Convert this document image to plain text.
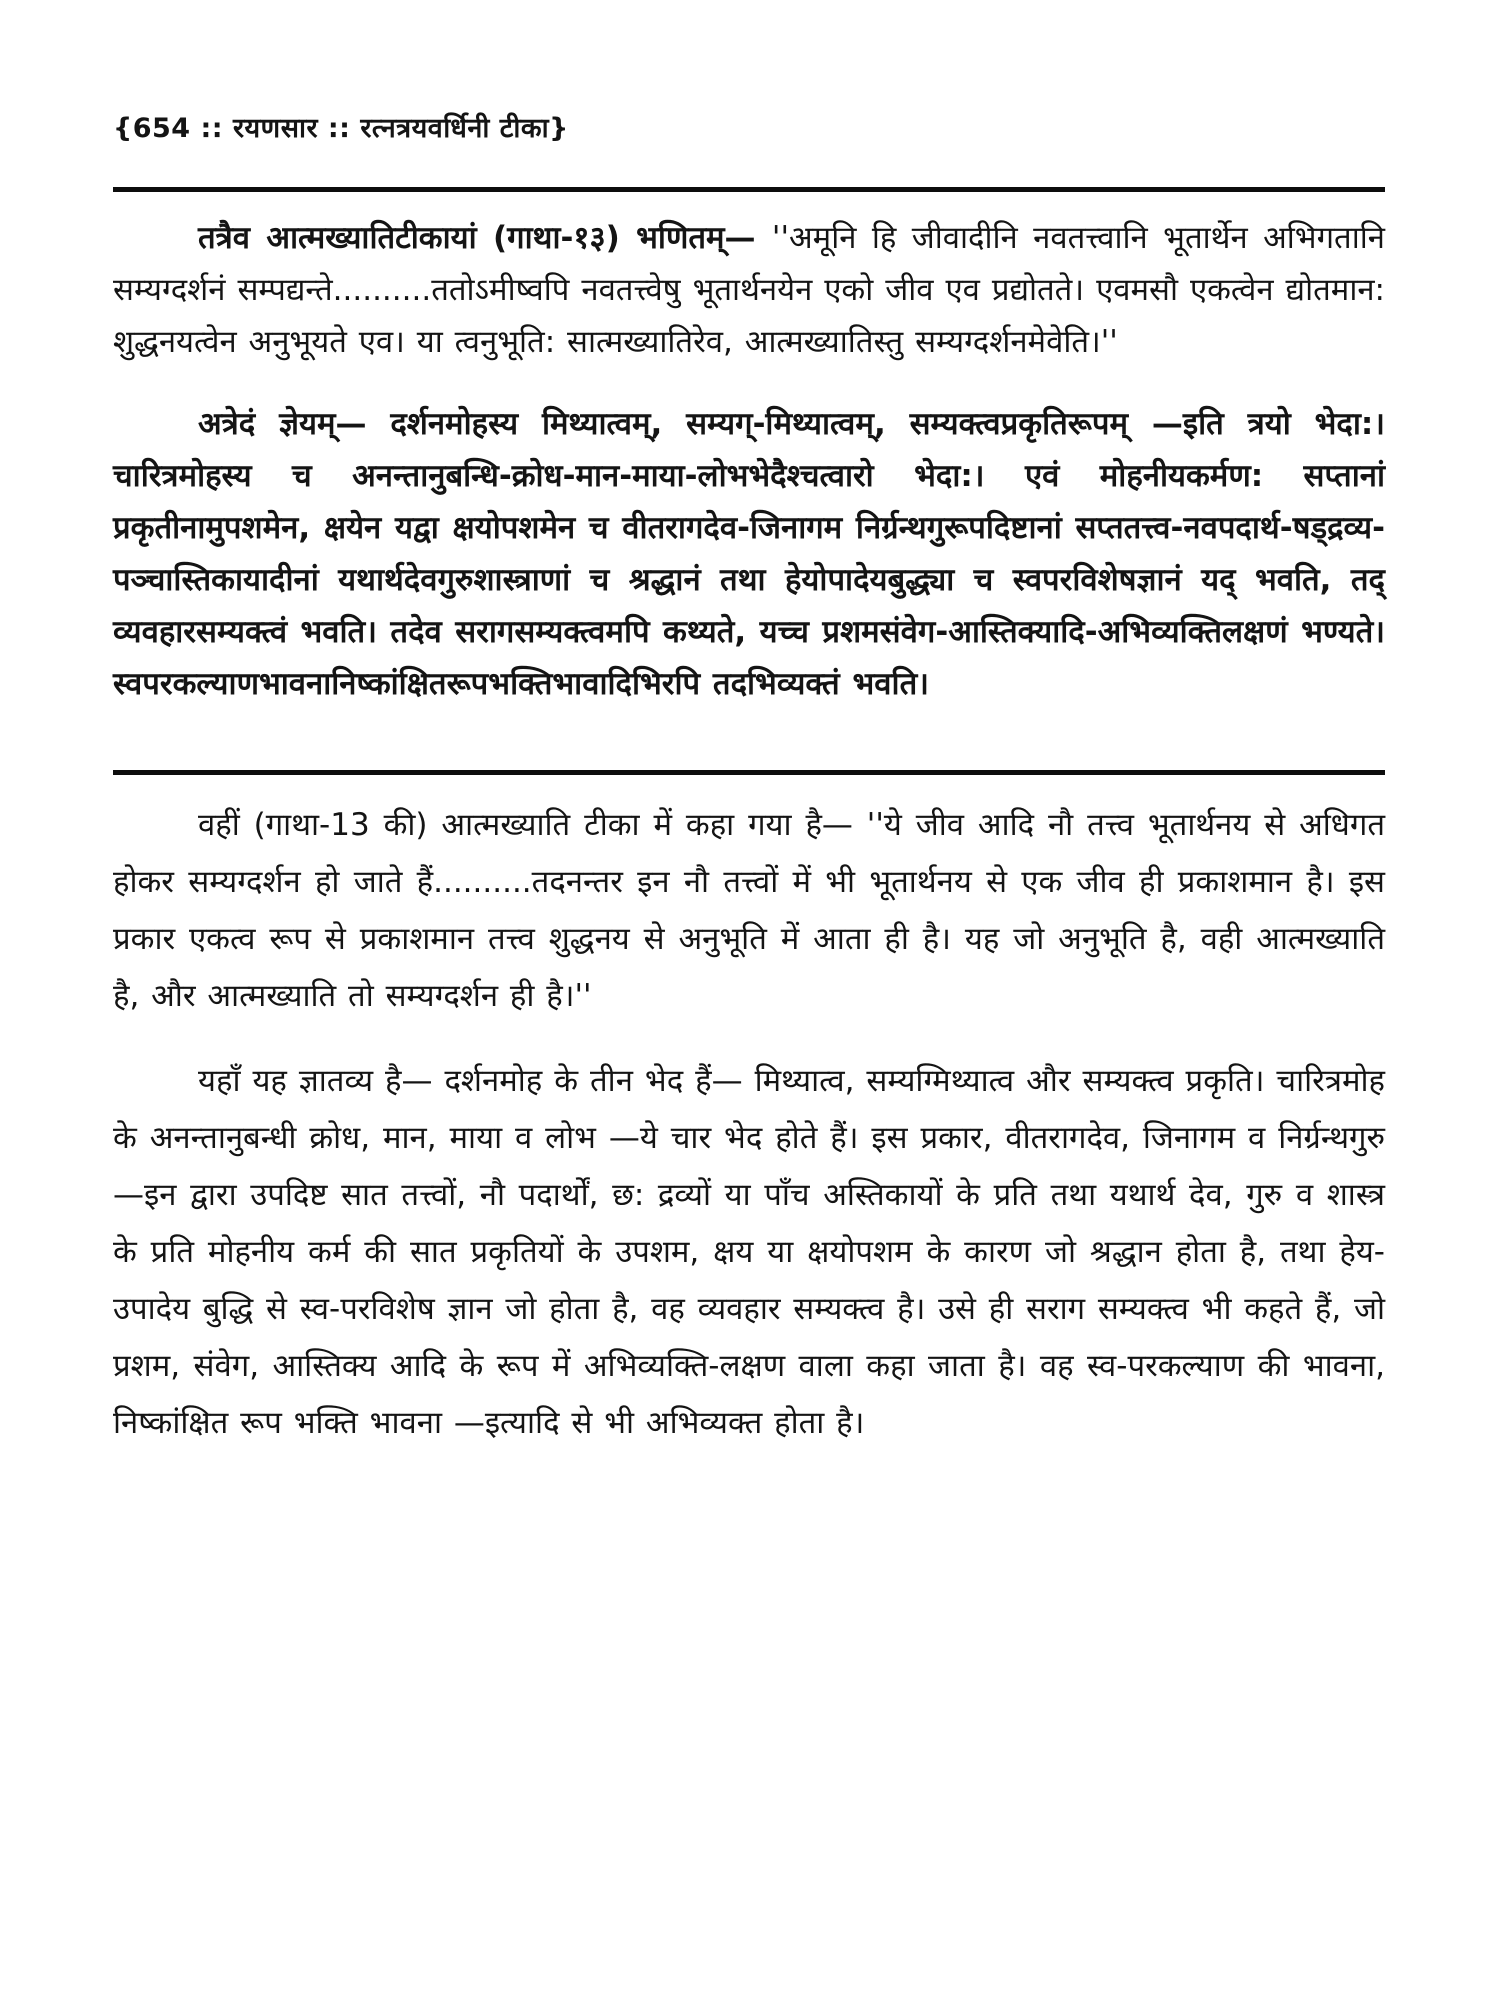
{654 :: रयणसार :: रत्नत्रयवर्धिनी टीका}

तत्रैव आत्मख्यातिटीकायां (गाथा-१३) भणितम्— ''अमूनि हि जीवादीनि नवतत्त्वानि भूतार्थेन अभिगतानि सम्यग्दर्शनं सम्पद्यन्ते..........ततोऽमीष्वपि नवतत्त्वेषु भूतार्थनयेन एको जीव एव प्रद्योतते। एवमसौ एकत्वेन द्योतमान: शुद्धनयत्वेन अनुभूयते एव। या त्वनुभूति: सात्मख्यातिरेव, आत्मख्यातिस्तु सम्यग्दर्शनमेवेति।''

अत्रेदं ज्ञेयम्— दर्शनमोहस्य मिथ्यात्वम्, सम्यग्-मिथ्यात्वम्, सम्यक्त्वप्रकृतिरूपम् —इति त्रयो भेदा:। चारित्रमोहस्य च अनन्तानुबन्धि-क्रोध-मान-माया-लोभभेदैश्चत्वारो भेदा:। एवं मोहनीयकर्मण: सप्तानां प्रकृतीनामुपशमेन, क्षयेन यद्वा क्षयोपशमेन च वीतरागदेव-जिनागम निर्ग्रन्थगुरूपदिष्टानां सप्ततत्त्व-नवपदार्थ-षड्द्रव्य-पञ्चास्तिकायादीनां यथार्थदेवगुरुशास्त्राणां च श्रद्धानं तथा हेयोपादेयबुद्ध्या च स्वपरविशेषज्ञानं यद् भवति, तद् व्यवहारसम्यक्त्वं भवति। तदेव सरागसम्यक्त्वमपि कथ्यते, यच्च प्रशमसंवेग-आस्तिक्यादि-अभिव्यक्तिलक्षणं भण्यते। स्वपरकल्याणभावनानिष्कांक्षितरूपभक्तिभावादिभिरपि तदभिव्यक्तं भवति।

वहीं (गाथा-13 की) आत्मख्याति टीका में कहा गया है— ''ये जीव आदि नौ तत्त्व भूतार्थनय से अधिगत होकर सम्यग्दर्शन हो जाते हैं..........तदनन्तर इन नौ तत्त्वों में भी भूतार्थनय से एक जीव ही प्रकाशमान है। इस प्रकार एकत्व रूप से प्रकाशमान तत्त्व शुद्धनय से अनुभूति में आता ही है। यह जो अनुभूति है, वही आत्मख्याति है, और आत्मख्याति तो सम्यग्दर्शन ही है।''

यहाँ यह ज्ञातव्य है— दर्शनमोह के तीन भेद हैं— मिथ्यात्व, सम्यग्मिथ्यात्व और सम्यक्त्व प्रकृति। चारित्रमोह के अनन्तानुबन्धी क्रोध, मान, माया व लोभ —ये चार भेद होते हैं। इस प्रकार, वीतरागदेव, जिनागम व निर्ग्रन्थगुरु —इन द्वारा उपदिष्ट सात तत्त्वों, नौ पदार्थों, छ: द्रव्यों या पाँच अस्तिकायों के प्रति तथा यथार्थ देव, गुरु व शास्त्र के प्रति मोहनीय कर्म की सात प्रकृतियों के उपशम, क्षय या क्षयोपशम के कारण जो श्रद्धान होता है, तथा हेय-उपादेय बुद्धि से स्व-परविशेष ज्ञान जो होता है, वह व्यवहार सम्यक्त्व है। उसे ही सराग सम्यक्त्व भी कहते हैं, जो प्रशम, संवेग, आस्तिक्य आदि के रूप में अभिव्यक्ति-लक्षण वाला कहा जाता है। वह स्व-परकल्याण की भावना, निष्कांक्षित रूप भक्ति भावना —इत्यादि से भी अभिव्यक्त होता है।
